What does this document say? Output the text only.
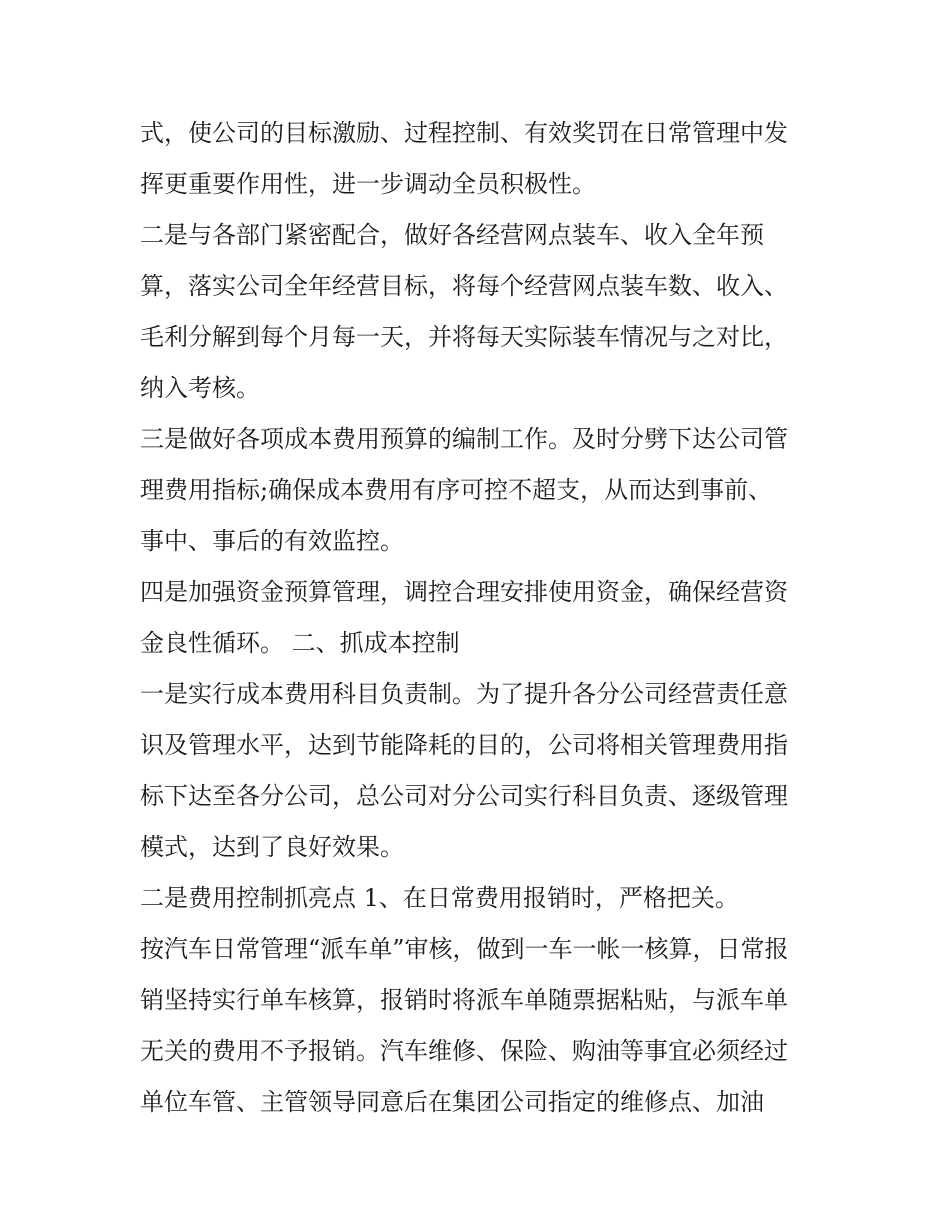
式，使公司的目标激励、过程控制、有效奖罚在日常管理中发
挥更重要作用性，进一步调动全员积极性。
二是与各部门紧密配合，做好各经营网点装车、收入全年预
算，落实公司全年经营目标，将每个经营网点装车数、收入、
毛利分解到每个月每一天，并将每天实际装车情况与之对比，
纳入考核。
三是做好各项成本费用预算的编制工作。及时分劈下达公司管
理费用指标;确保成本费用有序可控不超支，从而达到事前、
事中、事后的有效监控。
四是加强资金预算管理，调控合理安排使用资金，确保经营资
金良性循环。 二、抓成本控制
一是实行成本费用科目负责制。为了提升各分公司经营责任意
识及管理水平，达到节能降耗的目的，公司将相关管理费用指
标下达至各分公司，总公司对分公司实行科目负责、逐级管理
模式，达到了良好效果。
二是费用控制抓亮点 1、在日常费用报销时，严格把关。
按汽车日常管理“派车单”审核，做到一车一帐一核算，日常报
销坚持实行单车核算，报销时将派车单随票据粘贴，与派车单
无关的费用不予报销。汽车维修、保险、购油等事宜必须经过
单位车管、主管领导同意后在集团公司指定的维修点、加油
